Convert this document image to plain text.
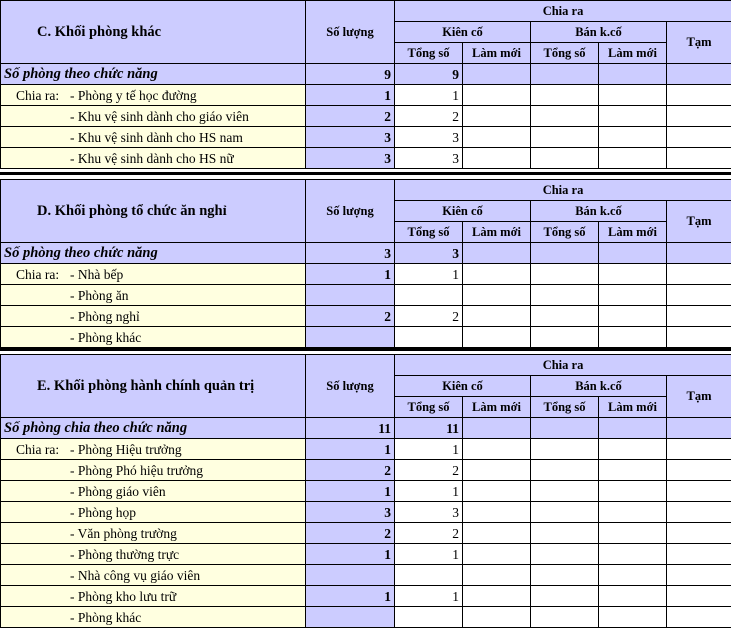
C. Khối phòng khác	Số lượng	Chia ra				
		Kiên cố		Bán k.cố		Tạm
		Tổng số	Làm mới	Tổng số	Làm mới	
Số phòng theo chức năng	9	9				
Chia ra: - Phòng y tế học đường	1	1				
- Khu vệ sinh dành cho giáo viên	2	2				
- Khu vệ sinh dành cho HS nam	3	3				
- Khu vệ sinh dành cho HS nữ	3	3				
D. Khối phòng tổ chức ăn nghỉ	Số lượng	Chia ra				
		Kiên cố		Bán k.cố		Tạm
		Tổng số	Làm mới	Tổng số	Làm mới	
Số phòng theo chức năng	3	3				
Chia ra: - Nhà bếp	1	1				
- Phòng ăn						
- Phòng nghỉ	2	2				
- Phòng khác						
E. Khối phòng hành chính quản trị	Số lượng	Chia ra				
		Kiên cố		Bán k.cố		Tạm
		Tổng số	Làm mới	Tổng số	Làm mới	
Số phòng chia theo chức năng	11	11				
Chia ra: - Phòng Hiệu trưởng	1	1				
- Phòng Phó hiệu trưởng	2	2				
- Phòng giáo viên	1	1				
- Phòng họp	3	3				
- Văn phòng trường	2	2				
- Phòng thường trực	1	1				
- Nhà công vụ giáo viên						
- Phòng kho lưu trữ	1	1				
- Phòng khác						
